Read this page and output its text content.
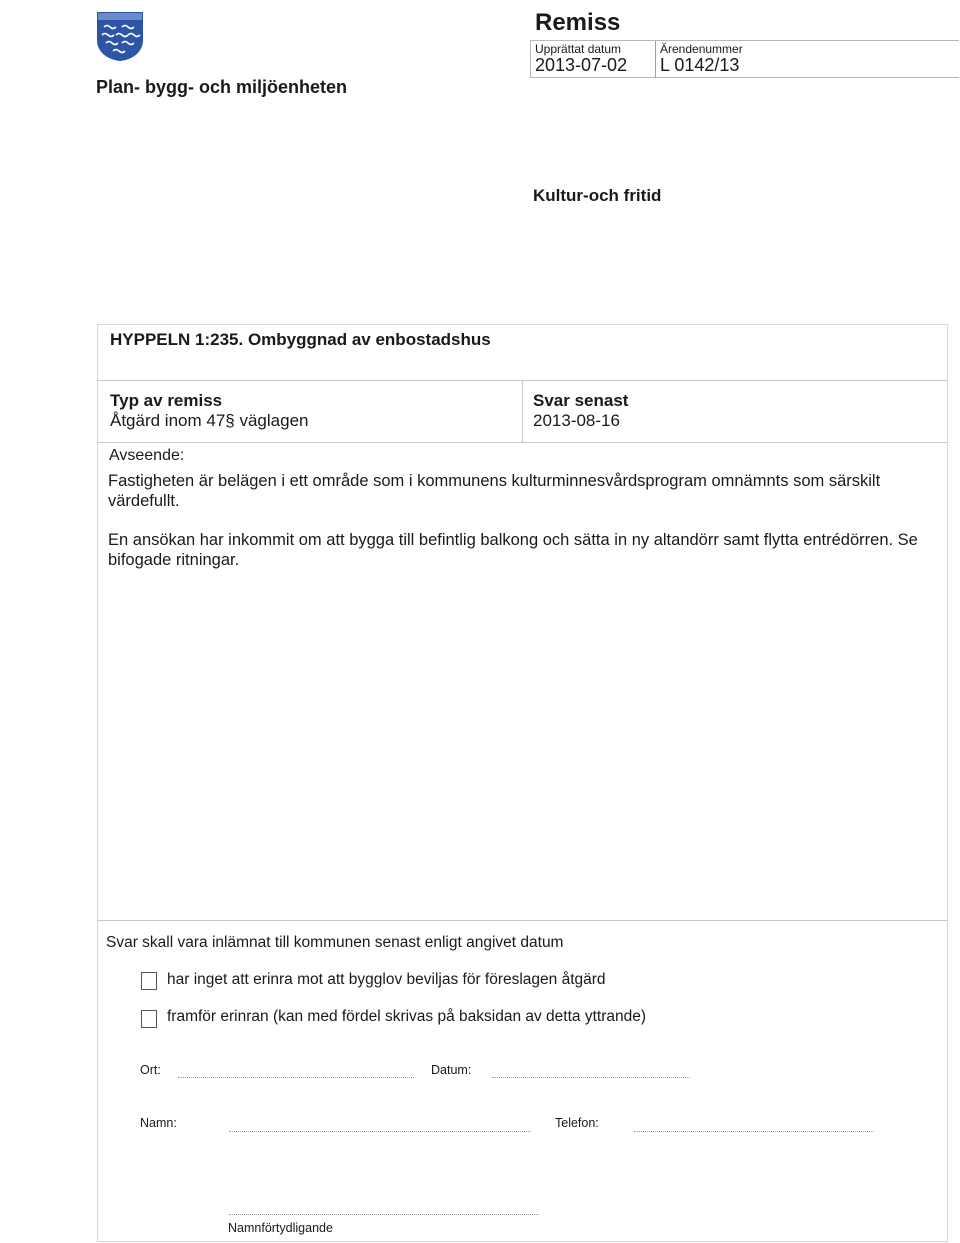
Plan- bygg- och miljöenheten
Remiss
Upprättat datum
2013-07-02
Ärendenummer
L 0142/13
Kultur-och fritid
HYPPELN 1:235. Ombyggnad av enbostadshus
Typ av remiss
Åtgärd inom 47§ väglagen
Svar senast
2013-08-16
Avseende:
Fastigheten är belägen i ett område som i kommunens kulturminnesvårdsprogram omnämnts som särskilt värdefullt.
En ansökan har inkommit om att bygga till befintlig balkong och sätta in ny altandörr samt flytta entrédörren. Se bifogade ritningar.
Svar skall vara inlämnat till kommunen senast enligt angivet datum
har inget att erinra mot att bygglov beviljas för föreslagen åtgärd
framför erinran (kan med fördel skrivas på baksidan av detta yttrande)
Ort:	Datum:
Namn:	Telefon:
Namnförtydligande
